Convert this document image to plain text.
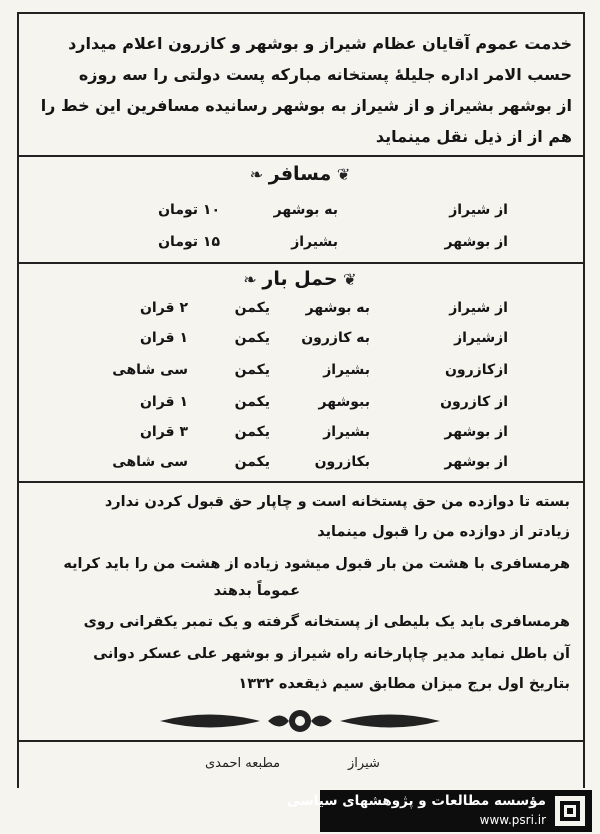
خدمت عموم آقایان عظام شیراز و بوشهر و کازرون اعلام میدارد
حسب الامر اداره جلیلهٔ پستخانه مبارکه پست دولتی را سه روزه
از بوشهر بشیراز و از شیراز به بوشهر رسانیده مسافرین این خط را
هم از از ذیل نقل مینماید
❦ مسافر ❧
از شیراز
به بوشهر
۱۰ تومان
از بوشهر
بشیراز
۱۵ تومان
❦ حمل بار ❧
از شیراز
به بوشهر
یکمن
۲ قران
ازشیراز
به کازرون
یکمن
۱ قران
ازکازرون
بشیراز
یکمن
سی شاهی
از کازرون
ببوشهر
یکمن
۱ قران
از بوشهر
بشیراز
یکمن
۳ قران
از بوشهر
بکازرون
یکمن
سی شاهی
بسته تا دوازده من حق پستخانه است و چاپار حق قبول کردن ندارد
زیادتر از دوازده من را قبول مینماید
هرمسافری با هشت من بار قبول میشود زیاده از هشت من را باید کرایه
عموماً بدهند
هرمسافری باید یک بلیطی از پستخانه گرفته و یک تمبر یکقرانی روی
آن باطل نماید مدیر چاپارخانه راه شیراز و بوشهر علی عسکر دوانی
بتاریخ اول برج میزان مطابق سیم ذیقعده ۱۳۳۲
شیراز
مطبعه احمدی
مؤسسه مطالعات و پژوهشهای سیاسی
www.psri.ir
